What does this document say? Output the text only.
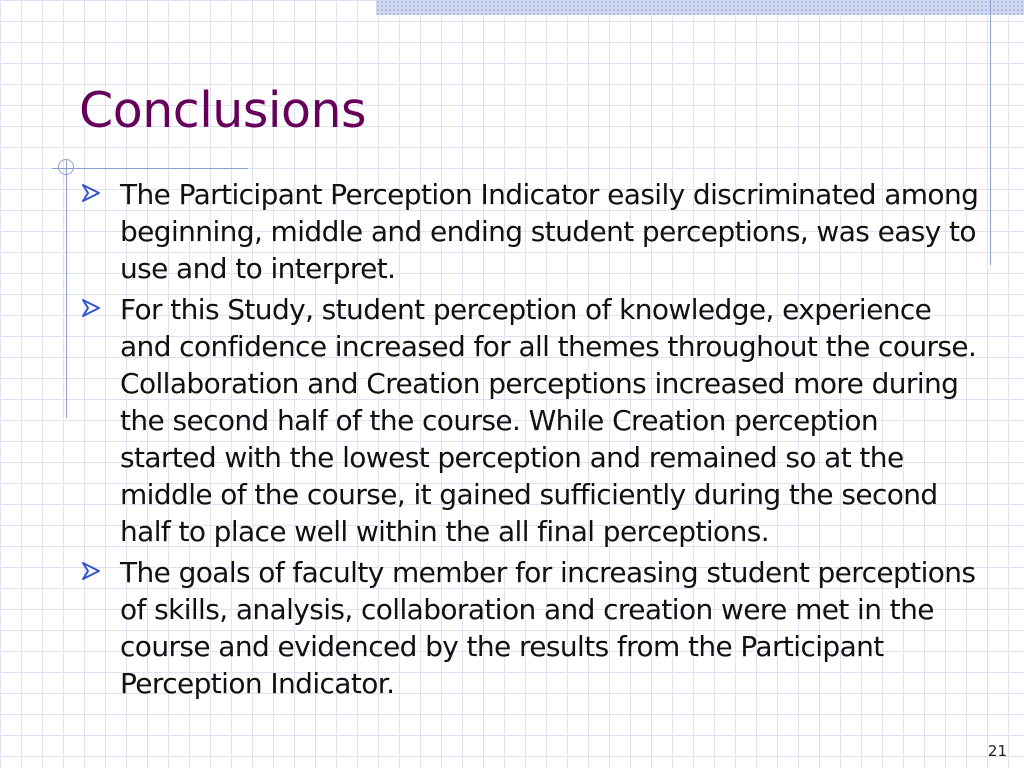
Conclusions
The Participant Perception Indicator easily discriminated among beginning, middle and ending student perceptions, was easy to use and to interpret.
For this Study, student perception of knowledge, experience and confidence increased for all themes throughout the course. Collaboration and Creation perceptions increased more during the second half of the course. While Creation perception started with the lowest perception and remained so at the middle of the course, it gained sufficiently during the second half to place well within the all final perceptions.
The goals of faculty member for increasing student perceptions of skills, analysis, collaboration and creation were met in the course and evidenced by the results from the Participant Perception Indicator.
21
